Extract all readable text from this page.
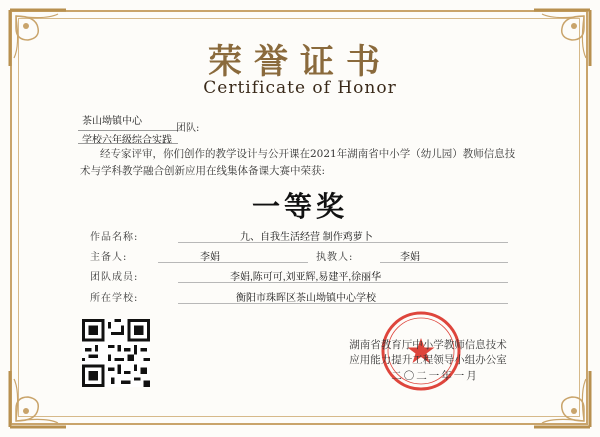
荣誉证书
Certificate of Honor
茶山坳镇中心
团队:
学校六年级综合实践
经专家评审，你们创作的教学设计与公开课在2021年湖南省中小学（幼儿园）教师信息技术与学科教学融合创新应用在线集体备课大赛中荣获:
一等奖
作品名称:	九、自我生活经营 制作鸡萝卜
主备人:	李娟	执教人:	李娟
团队成员:	李娟,陈可可,刘亚辉,易建平,徐丽华
所在学校:	衡阳市珠晖区茶山坳镇中心学校
湖南省教育厅中小学教师信息技术
应用能力提升工程领导小组办公室
二〇二一年一月
